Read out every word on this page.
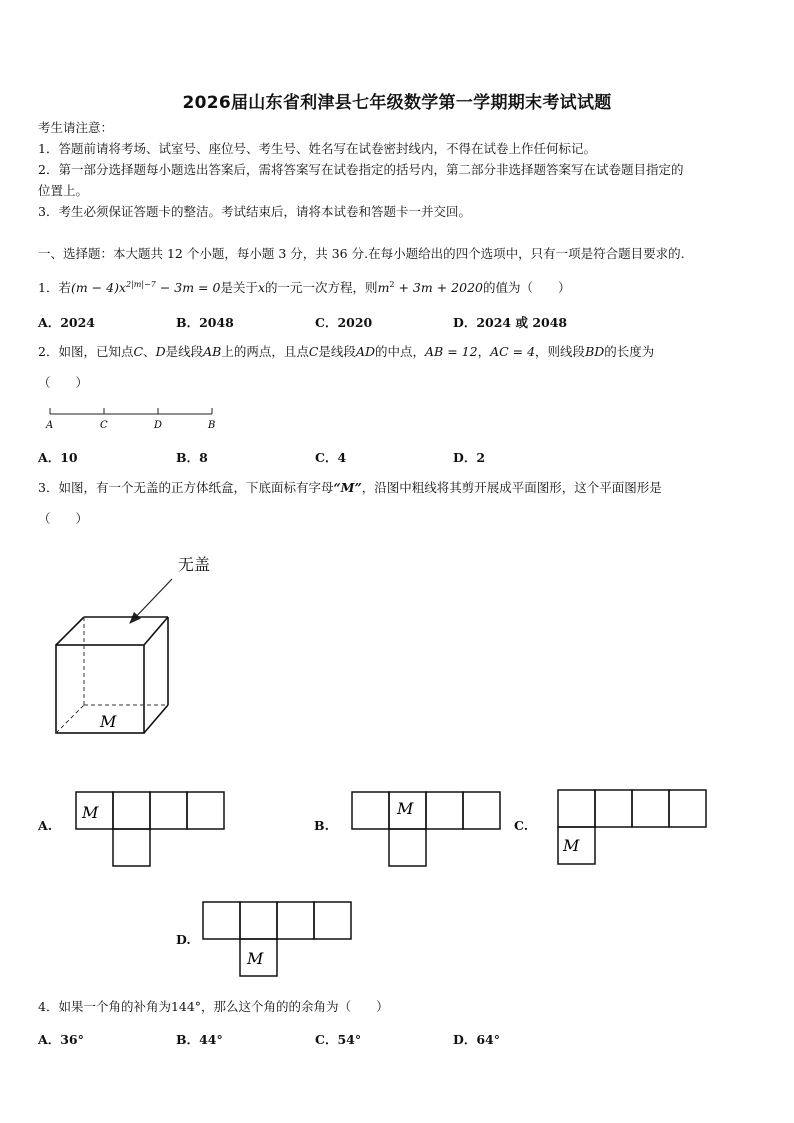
2026届山东省利津县七年级数学第一学期期末考试试题
考生请注意：
1．答题前请将考场、试室号、座位号、考生号、姓名写在试卷密封线内，不得在试卷上作任何标记。
2．第一部分选择题每小题选出答案后，需将答案写在试卷指定的括号内，第二部分非选择题答案写在试卷题目指定的
位置上。
3．考生必须保证答题卡的整洁。考试结束后，请将本试卷和答题卡一并交回。
一、选择题：本大题共 12 个小题，每小题 3 分，共 36 分.在每小题给出的四个选项中，只有一项是符合题目要求的.
1．若$(m - 4)x^{2|m|-7} - 3m = 0$是关于x的一元一次方程，则$m^2 + 3m + 2020$的值为（　　）
A．2024	B．2048	C．2020	D．2024 或 2048
2．如图，已知点C、D是线段AB上的两点，且点C是线段AD的中点，AB = 12，AC = 4，则线段BD的长度为
（　　）
A	C	D	B
A．10	B．8	C．4	D．2
3．如图，有一个无盖的正方体纸盒，下底面标有字母“M”，沿图中粗线将其剪开展成平面图形，这个平面图形是
（　　）
无盖
M
A.
M
B.
M
C.
M
D.
M
4．如果一个角的补角为144°，那么这个角的的余角为（　　）
A．36°	B．44°	C．54°	D．64°
